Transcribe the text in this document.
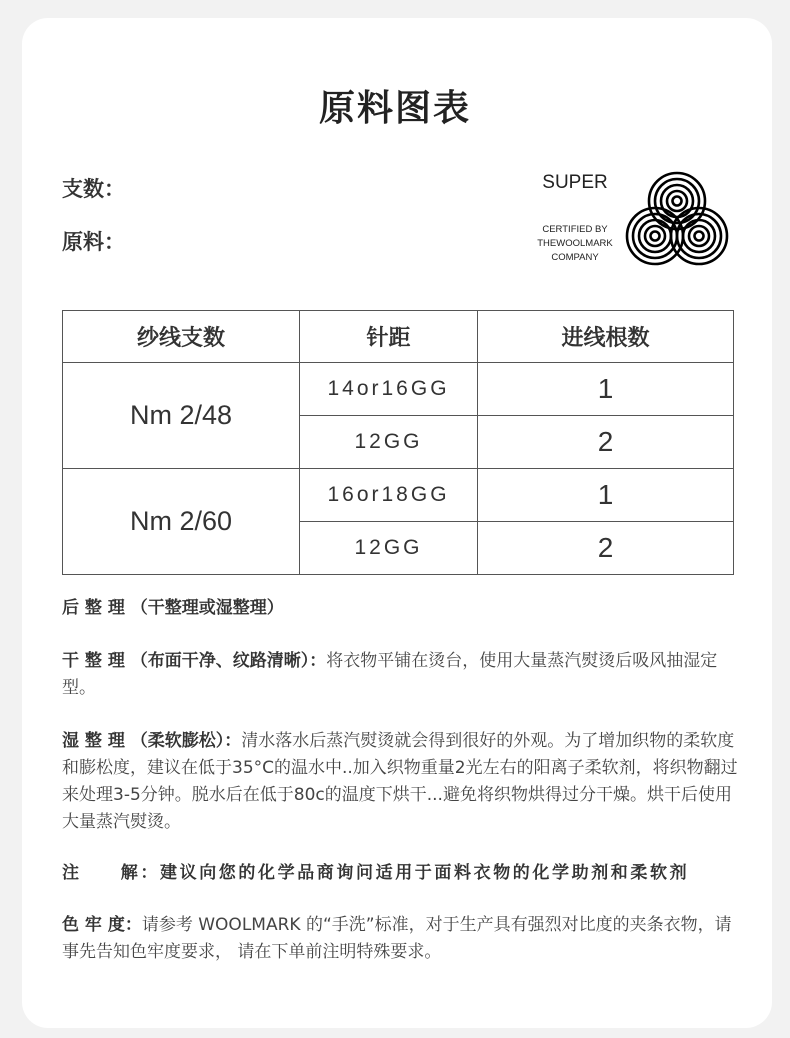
原料图表
支数：
原料：
SUPER
CERTIFIED BY
THEWOOLMARK
COMPANY
纱线支数	针距	进线根数
Nm 2/48	14or16GG	1
	12GG	2
Nm 2/60	16or18GG	1
	12GG	2
后 整 理 （干整理或湿整理）
干 整 理 （布面干净、纹路清晰）：将衣物平铺在烫台，使用大量蒸汽熨烫后吸风抽湿定型。
湿 整 理 （柔软膨松）：清水落水后蒸汽熨烫就会得到很好的外观。为了增加织物的柔软度和膨松度，建议在低于35°C的温水中..加入织物重量2光左右的阳离子柔软剂，将织物翻过来处理3-5分钟。脱水后在低于80c的温度下烘干...避免将织物烘得过分干燥。烘干后使用大量蒸汽熨烫。
注　　解：建议向您的化学品商询问适用于面料衣物的化学助剂和柔软剂
色 牢 度：请参考 WOOLMARK 的“手洗”标准，对于生产具有强烈对比度的夹条衣物，请事先告知色牢度要求， 请在下单前注明特殊要求。
